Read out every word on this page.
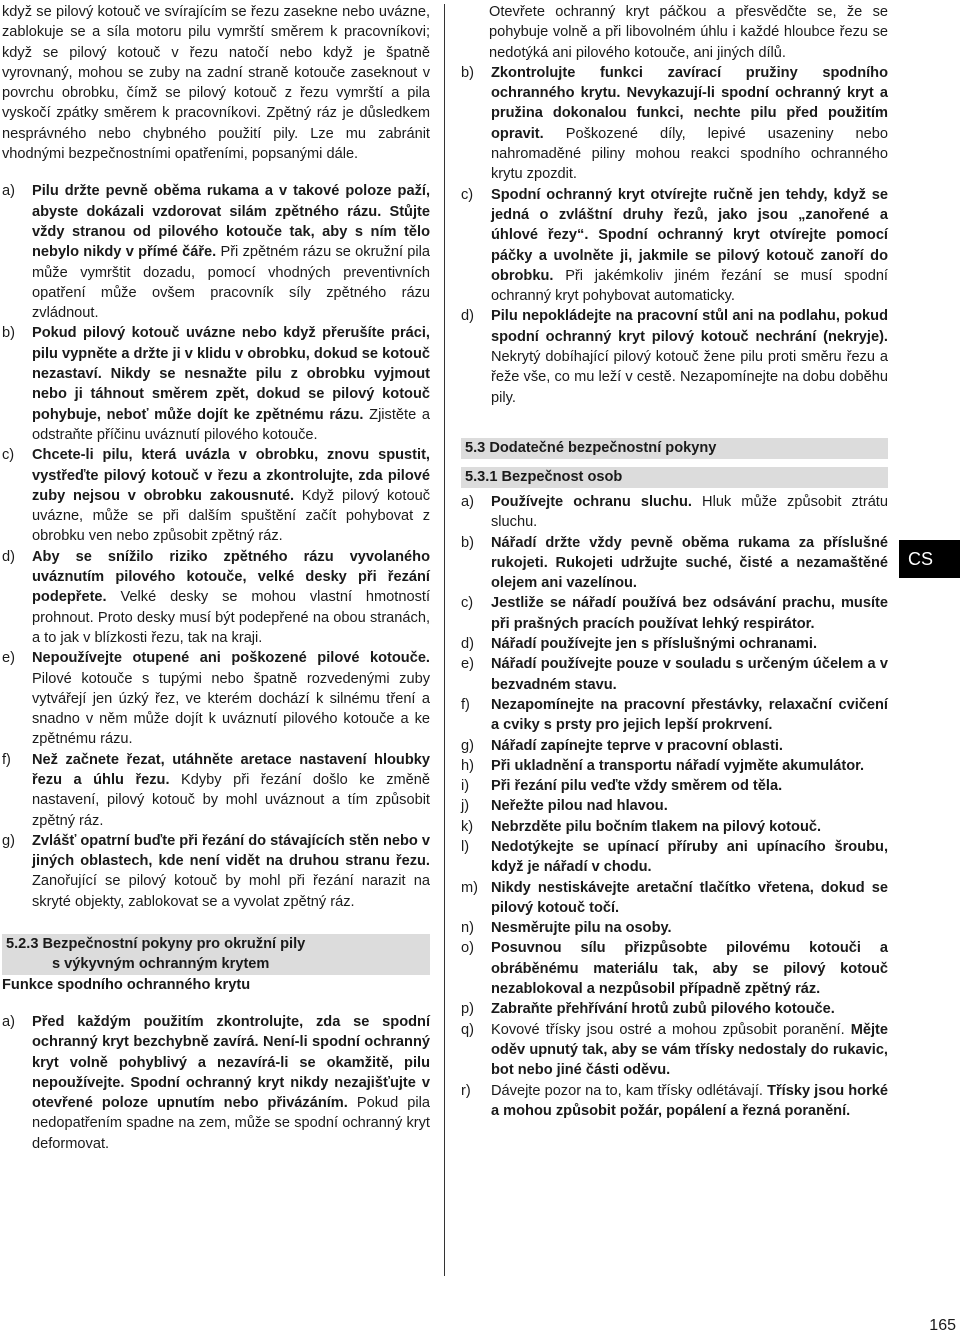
když se pilový kotouč ve svírajícím se řezu zasekne nebo uvázne, zablokuje se a síla motoru pilu vymrští směrem k pracovníkovi; když se pilový kotouč v řezu natočí nebo když je špatně vyrovnaný, mohou se zuby na zadní straně kotouče zaseknout v povrchu obrobku, čímž se pilový kotouč z řezu vymrští a pila vyskočí zpátky směrem k pracovníkovi. Zpětný ráz je důsledkem nesprávného nebo chybného použití pily. Lze mu zabránit vhodnými bezpečnostními opatřeními, popsanými dále.

a)	Pilu držte pevně oběma rukama a v takové poloze paží, abyste dokázali vzdorovat silám zpětného rázu. Stůjte vždy stranou od pilového kotouče tak, aby s ním tělo nebylo nikdy v přímé čáře. Při zpětném rázu se okružní pila může vymrštit dozadu, pomocí vhodných preventivních opatření může ovšem pracovník síly zpětného rázu zvládnout.
b)	Pokud pilový kotouč uvázne nebo když přerušíte práci, pilu vypněte a držte ji v klidu v obrobku, dokud se kotouč nezastaví. Nikdy se nesnažte pilu z obrobku vyjmout nebo ji táhnout směrem zpět, dokud se pilový kotouč pohybuje, neboť může dojít ke zpětnému rázu. Zjistěte a odstraňte příčinu uváznutí pilového kotouče.
c)	Chcete-li pilu, která uvázla v obrobku, znovu spustit, vystřeďte pilový kotouč v řezu a zkontrolujte, zda pilové zuby nejsou v obrobku zakousnuté. Když pilový kotouč uvázne, může se při dalším spuštění začít pohybovat z obrobku ven nebo způsobit zpětný ráz.
d)	Aby se snížilo riziko zpětného rázu vyvolaného uváznutím pilového kotouče, velké desky při řezání podepřete. Velké desky se mohou vlastní hmotností prohnout. Proto desky musí být podepřené na obou stranách, a to jak v blízkosti řezu, tak na kraji.
e)	Nepoužívejte otupené ani poškozené pilové kotouče. Pilové kotouče s tupými nebo špatně rozvedenými zuby vytvářejí jen úzký řez, ve kterém dochází k silnému tření a snadno v něm může dojít k uváznutí pilového kotouče a ke zpětnému rázu.
f)	Než začnete řezat, utáhněte aretace nastavení hloubky řezu a úhlu řezu. Kdyby při řezání došlo ke změně nastavení, pilový kotouč by mohl uváznout a tím způsobit zpětný ráz.
g)	Zvlášť opatrní buďte při řezání do stávajících stěn nebo v jiných oblastech, kde není vidět na druhou stranu řezu. Zanořující se pilový kotouč by mohl při řezání narazit na skryté objekty, zablokovat se a vyvolat zpětný ráz.
5.2.3 Bezpečnostní pokyny pro okružní pily
s výkyvným ochranným krytem
Funkce spodního ochranného krytu
a)	Před každým použitím zkontrolujte, zda se spodní ochranný kryt bezchybně zavírá. Není-li spodní ochranný kryt volně pohyblivý a nezavírá-li se okamžitě, pilu nepoužívejte. Spodní ochranný kryt nikdy nezajišťujte v otevřené poloze upnutím nebo přivázáním. Pokud pila nedopatřením spadne na zem, může se spodní ochranný kryt deformovat.
Otevřete ochranný kryt páčkou a přesvědčte se, že se pohybuje volně a při libovolném úhlu i každé hloubce řezu se nedotýká ani pilového kotouče, ani jiných dílů.
b)	Zkontrolujte funkci zavírací pružiny spodního ochranného krytu. Nevykazují-li spodní ochranný kryt a pružina dokonalou funkci, nechte pilu před použitím opravit. Poškozené díly, lepivé usazeniny nebo nahromaděné piliny mohou reakci spodního ochranného krytu zpozdit.
c)	Spodní ochranný kryt otvírejte ručně jen tehdy, když se jedná o zvláštní druhy řezů, jako jsou „zanořené a úhlové řezy“. Spodní ochranný kryt otvírejte pomocí páčky a uvolněte ji, jakmile se pilový kotouč zanoří do obrobku. Při jakémkoliv jiném řezání se musí spodní ochranný kryt pohybovat automaticky.
d)	Pilu nepokládejte na pracovní stůl ani na podlahu, pokud spodní ochranný kryt pilový kotouč nechrání (nekryje). Nekrytý dobíhající pilový kotouč žene pilu proti směru řezu a řeže vše, co mu leží v cestě. Nezapomínejte na dobu doběhu pily.
5.3 Dodatečné bezpečnostní pokyny
5.3.1 Bezpečnost osob
a)	Používejte ochranu sluchu. Hluk může způsobit ztrátu sluchu.
b)	Nářadí držte vždy pevně oběma rukama za příslušné rukojeti. Rukojeti udržujte suché, čisté a nezamaštěné olejem ani vazelínou.
c)	Jestliže se nářadí používá bez odsávání prachu, musíte při prašných pracích používat lehký respirátor.
d)	Nářadí používejte jen s příslušnými ochranami.
e)	Nářadí používejte pouze v souladu s určeným účelem a v bezvadném stavu.
f)	Nezapomínejte na pracovní přestávky, relaxační cvičení a cviky s prsty pro jejich lepší prokrvení.
g)	Nářadí zapínejte teprve v pracovní oblasti.
h)	Při ukladnění a transportu nářadí vyjměte akumulátor.
i)	Při řezání pilu veďte vždy směrem od těla.
j)	Neřežte pilou nad hlavou.
k)	Nebrzděte pilu bočním tlakem na pilový kotouč.
l)	Nedotýkejte se upínací příruby ani upínacího šroubu, když je nářadí v chodu.
m) Nikdy nestiskávejte aretační tlačítko vřetena, dokud se pilový kotouč točí.
n)	Nesměrujte pilu na osoby.
o)	Posuvnou sílu přizpůsobte pilovému kotouči a obráběnému materiálu tak, aby se pilový kotouč nezablokoval a nezpůsobil případně zpětný ráz.
p)	Zabraňte přehřívání hrotů zubů pilového kotouče.
q)	Kovové třísky jsou ostré a mohou způsobit poranění. Mějte oděv upnutý tak, aby se vám třísky nedostaly do rukavic, bot nebo jiné části oděvu.
r)	Dávejte pozor na to, kam třísky odlétávají. Třísky jsou horké a mohou způsobit požár, popálení a řezná poranění.
CS
165
